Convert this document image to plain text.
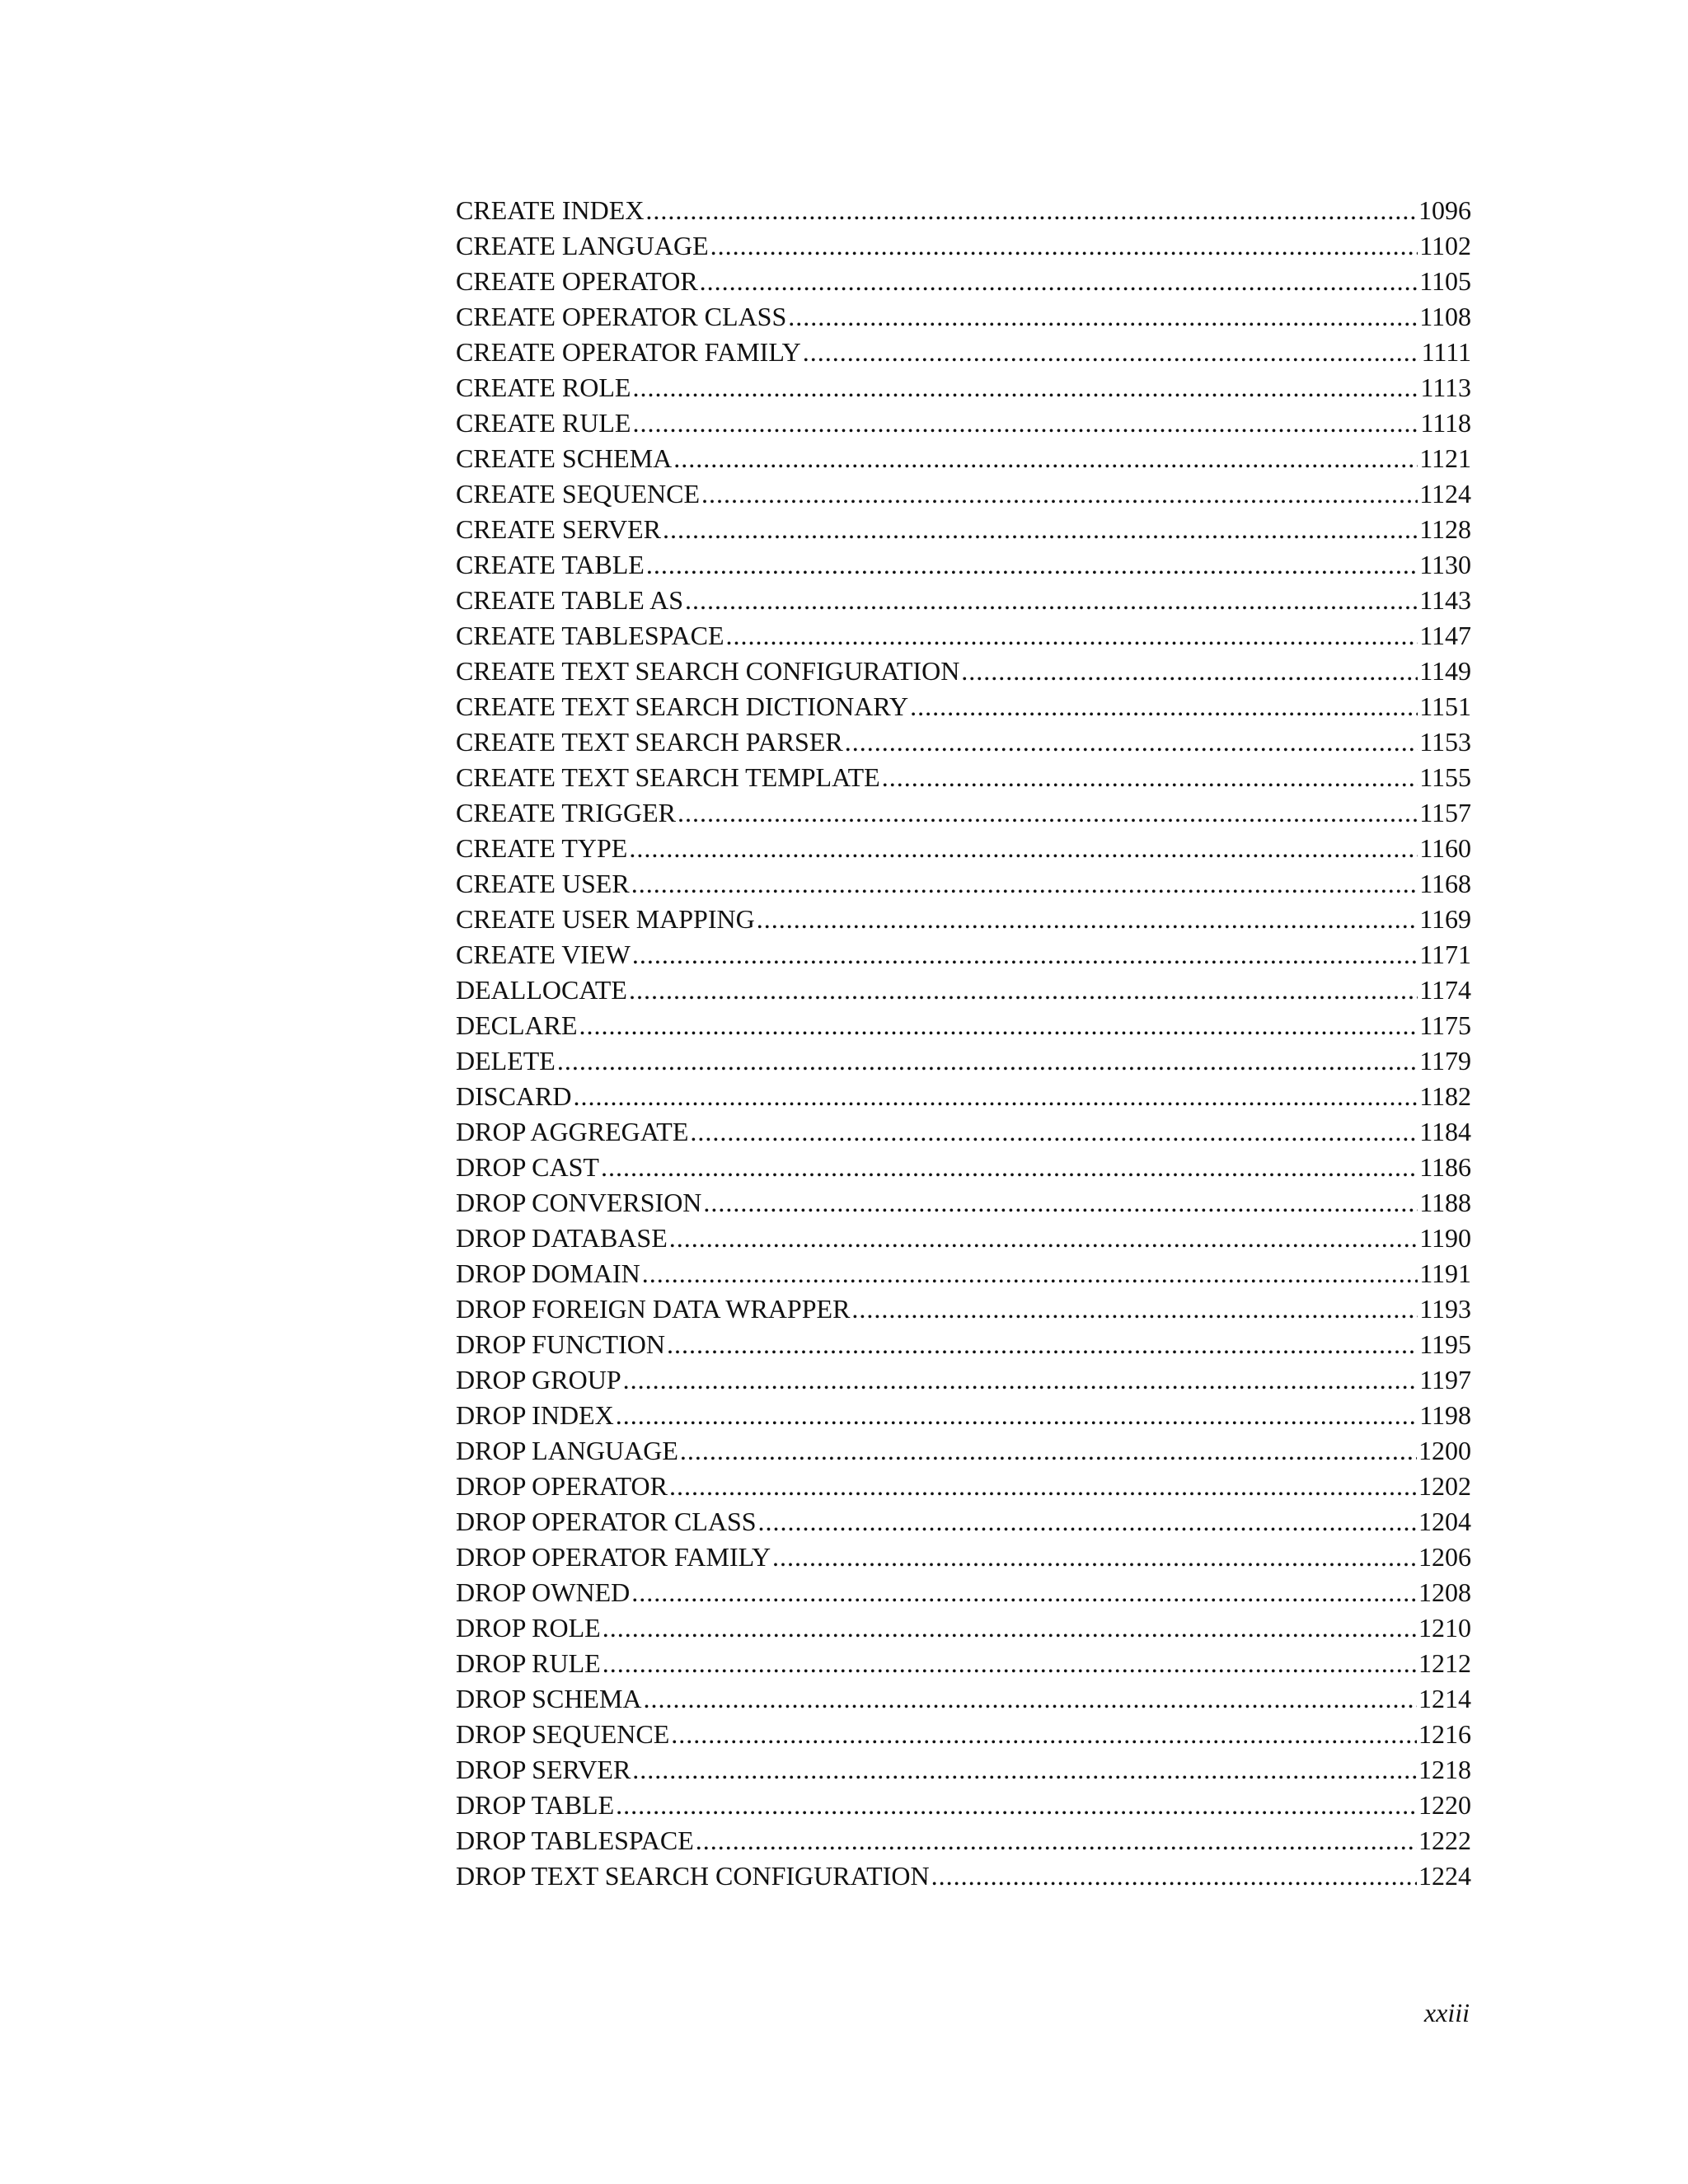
CREATE INDEX .....	1096
CREATE LANGUAGE .....	1102
CREATE OPERATOR .....	1105
CREATE OPERATOR CLASS .....	1108
CREATE OPERATOR FAMILY .....	1111
CREATE ROLE .....	1113
CREATE RULE .....	1118
CREATE SCHEMA .....	1121
CREATE SEQUENCE .....	1124
CREATE SERVER .....	1128
CREATE TABLE .....	1130
CREATE TABLE AS .....	1143
CREATE TABLESPACE .....	1147
CREATE TEXT SEARCH CONFIGURATION .....	1149
CREATE TEXT SEARCH DICTIONARY .....	1151
CREATE TEXT SEARCH PARSER .....	1153
CREATE TEXT SEARCH TEMPLATE .....	1155
CREATE TRIGGER .....	1157
CREATE TYPE .....	1160
CREATE USER .....	1168
CREATE USER MAPPING .....	1169
CREATE VIEW .....	1171
DEALLOCATE .....	1174
DECLARE .....	1175
DELETE .....	1179
DISCARD .....	1182
DROP AGGREGATE .....	1184
DROP CAST .....	1186
DROP CONVERSION .....	1188
DROP DATABASE .....	1190
DROP DOMAIN .....	1191
DROP FOREIGN DATA WRAPPER .....	1193
DROP FUNCTION .....	1195
DROP GROUP .....	1197
DROP INDEX .....	1198
DROP LANGUAGE .....	1200
DROP OPERATOR .....	1202
DROP OPERATOR CLASS .....	1204
DROP OPERATOR FAMILY .....	1206
DROP OWNED .....	1208
DROP ROLE .....	1210
DROP RULE .....	1212
DROP SCHEMA .....	1214
DROP SEQUENCE .....	1216
DROP SERVER .....	1218
DROP TABLE .....	1220
DROP TABLESPACE .....	1222
DROP TEXT SEARCH CONFIGURATION .....	1224
xxiii
